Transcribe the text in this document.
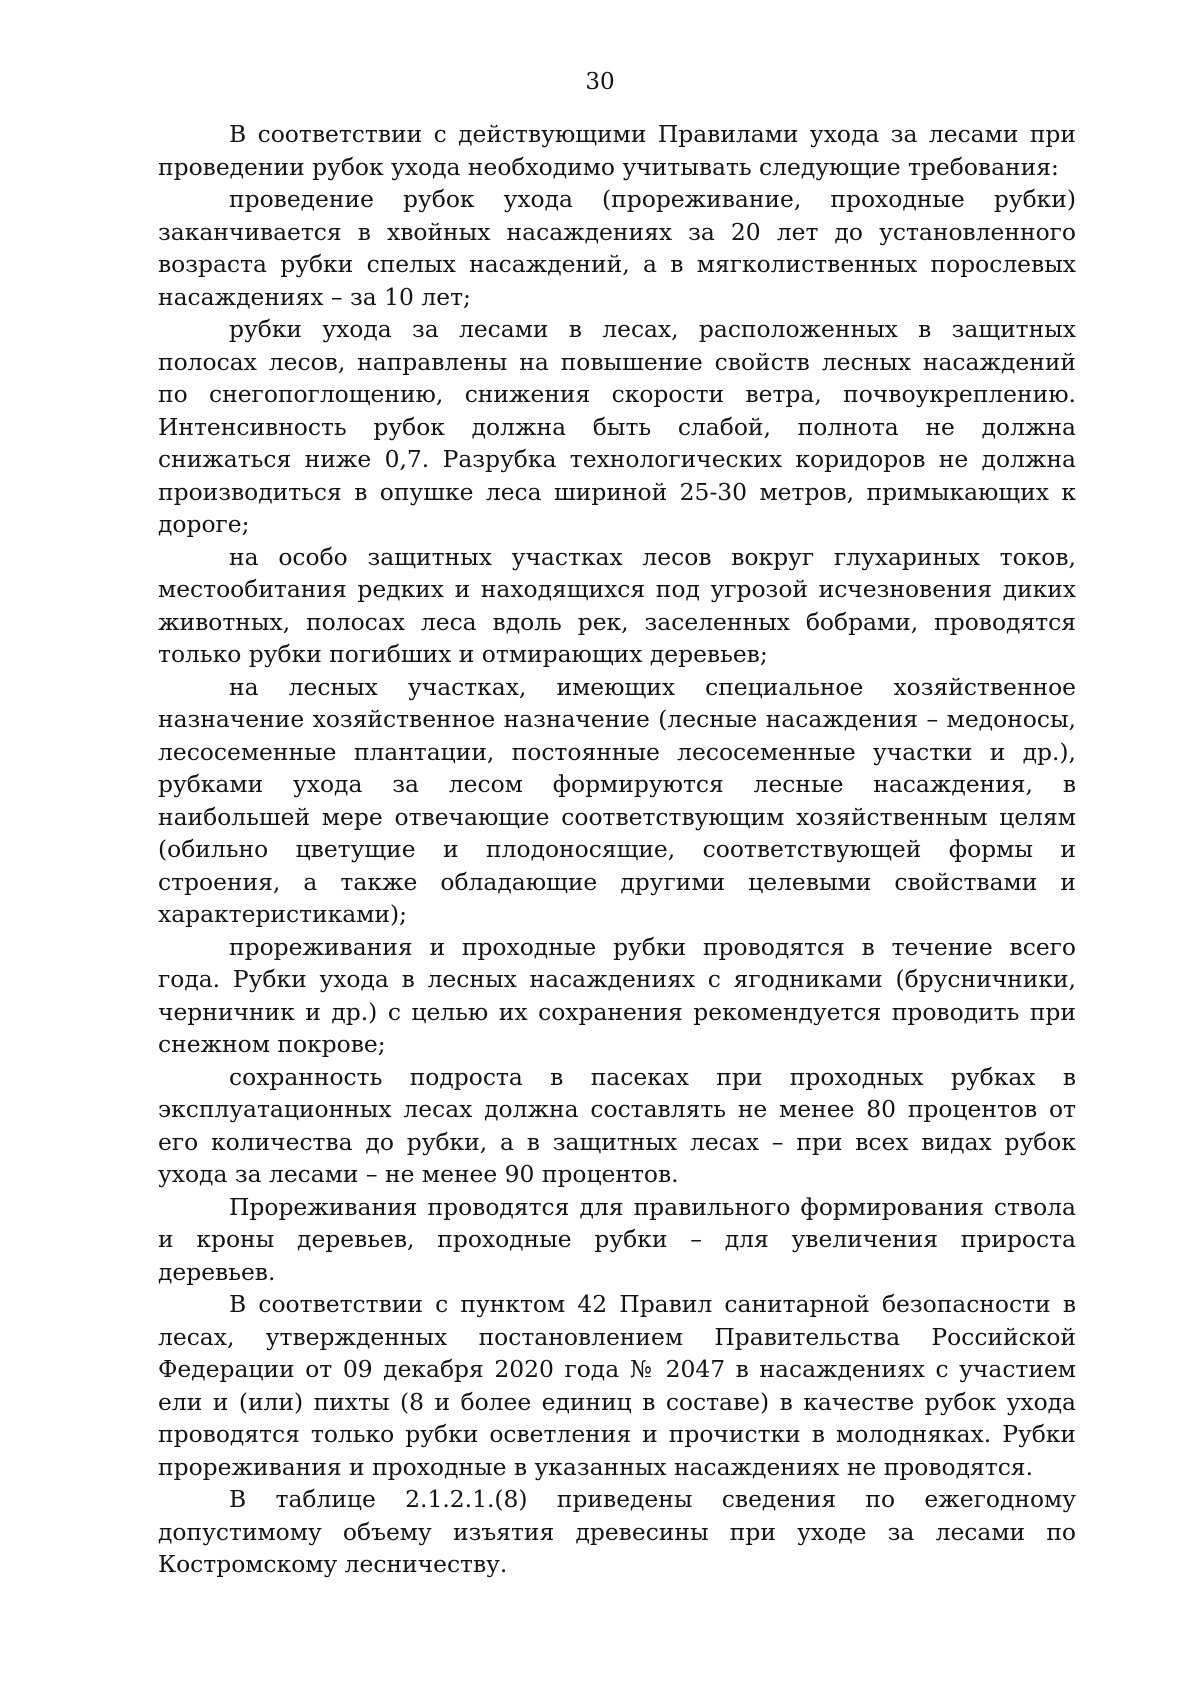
30

В соответствии с действующими Правилами ухода за лесами при проведении рубок ухода необходимо учитывать следующие требования:

проведение рубок ухода (прореживание, проходные рубки) заканчивается в хвойных насаждениях за 20 лет до установленного возраста рубки спелых насаждений, а в мягколиственных порослевых насаждениях – за 10 лет;

рубки ухода за лесами в лесах, расположенных в защитных полосах лесов, направлены на повышение свойств лесных насаждений по снегопоглощению, снижения скорости ветра, почвоукреплению. Интенсивность рубок должна быть слабой, полнота не должна снижаться ниже 0,7. Разрубка технологических коридоров не должна производиться в опушке леса шириной 25-30 метров, примыкающих к дороге;

на особо защитных участках лесов вокруг глухариных токов, местообитания редких и находящихся под угрозой исчезновения диких животных, полосах леса вдоль рек, заселенных бобрами, проводятся только рубки погибших и отмирающих деревьев;

на лесных участках, имеющих специальное хозяйственное назначение хозяйственное назначение (лесные насаждения – медоносы, лесосеменные плантации, постоянные лесосеменные участки и др.), рубками ухода за лесом формируются лесные насаждения, в наибольшей мере отвечающие соответствующим хозяйственным целям (обильно цветущие и плодоносящие, соответствующей формы и строения, а также обладающие другими целевыми свойствами и характеристиками);

прореживания и проходные рубки проводятся в течение всего года. Рубки ухода в лесных насаждениях с ягодниками (брусничники, черничник и др.) с целью их сохранения рекомендуется проводить при снежном покрове;

сохранность подроста в пасеках при проходных рубках в эксплуатационных лесах должна составлять не менее 80 процентов от его количества до рубки, а в защитных лесах – при всех видах рубок ухода за лесами – не менее 90 процентов.

Прореживания проводятся для правильного формирования ствола и кроны деревьев, проходные рубки – для увеличения прироста деревьев.

В соответствии с пунктом 42 Правил санитарной безопасности в лесах, утвержденных постановлением Правительства Российской Федерации от 09 декабря 2020 года № 2047 в насаждениях с участием ели и (или) пихты (8 и более единиц в составе) в качестве рубок ухода проводятся только рубки осветления и прочистки в молодняках. Рубки прореживания и проходные в указанных насаждениях не проводятся.

В таблице 2.1.2.1.(8) приведены сведения по ежегодному допустимому объему изъятия древесины при уходе за лесами по Костромскому лесничеству.
